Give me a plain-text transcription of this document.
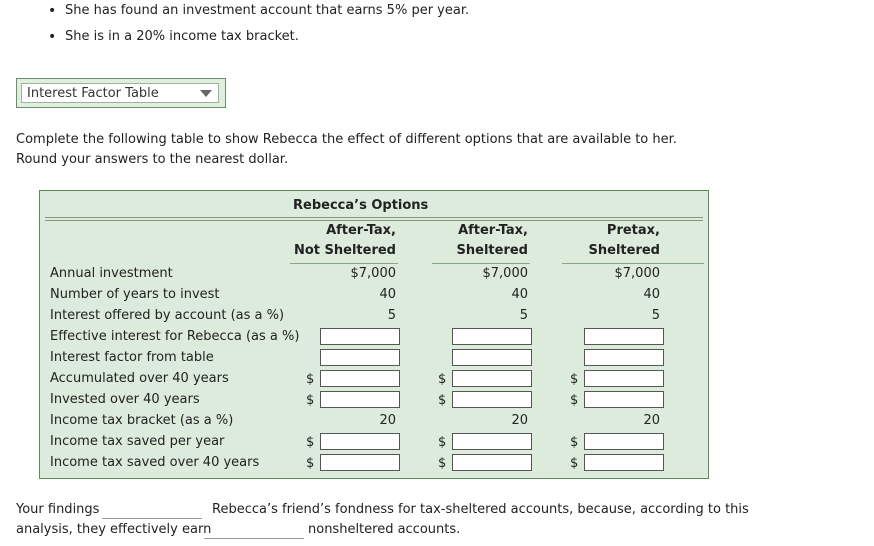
• She has found an investment account that earns 5% per year.
• She is in a 20% income tax bracket.
Interest Factor Table
Complete the following table to show Rebecca the effect of different options that are available to her. Round your answers to the nearest dollar.
Rebecca’s Options
After-Tax,
Not Sheltered
After-Tax,
Sheltered
Pretax,
Sheltered
Annual investment	$7,000	$7,000	$7,000
Number of years to invest	40	40	40
Interest offered by account (as a %)	5	5	5
Effective interest for Rebecca (as a %)
Interest factor from table
Accumulated over 40 years	$	$	$
Invested over 40 years	$	$	$
Income tax bracket (as a %)	20	20	20
Income tax saved per year	$	$	$
Income tax saved over 40 years	$	$	$
Your findings	Rebecca’s friend’s fondness for tax-sheltered accounts, because, according to this
analysis, they effectively earn	nonsheltered accounts.
